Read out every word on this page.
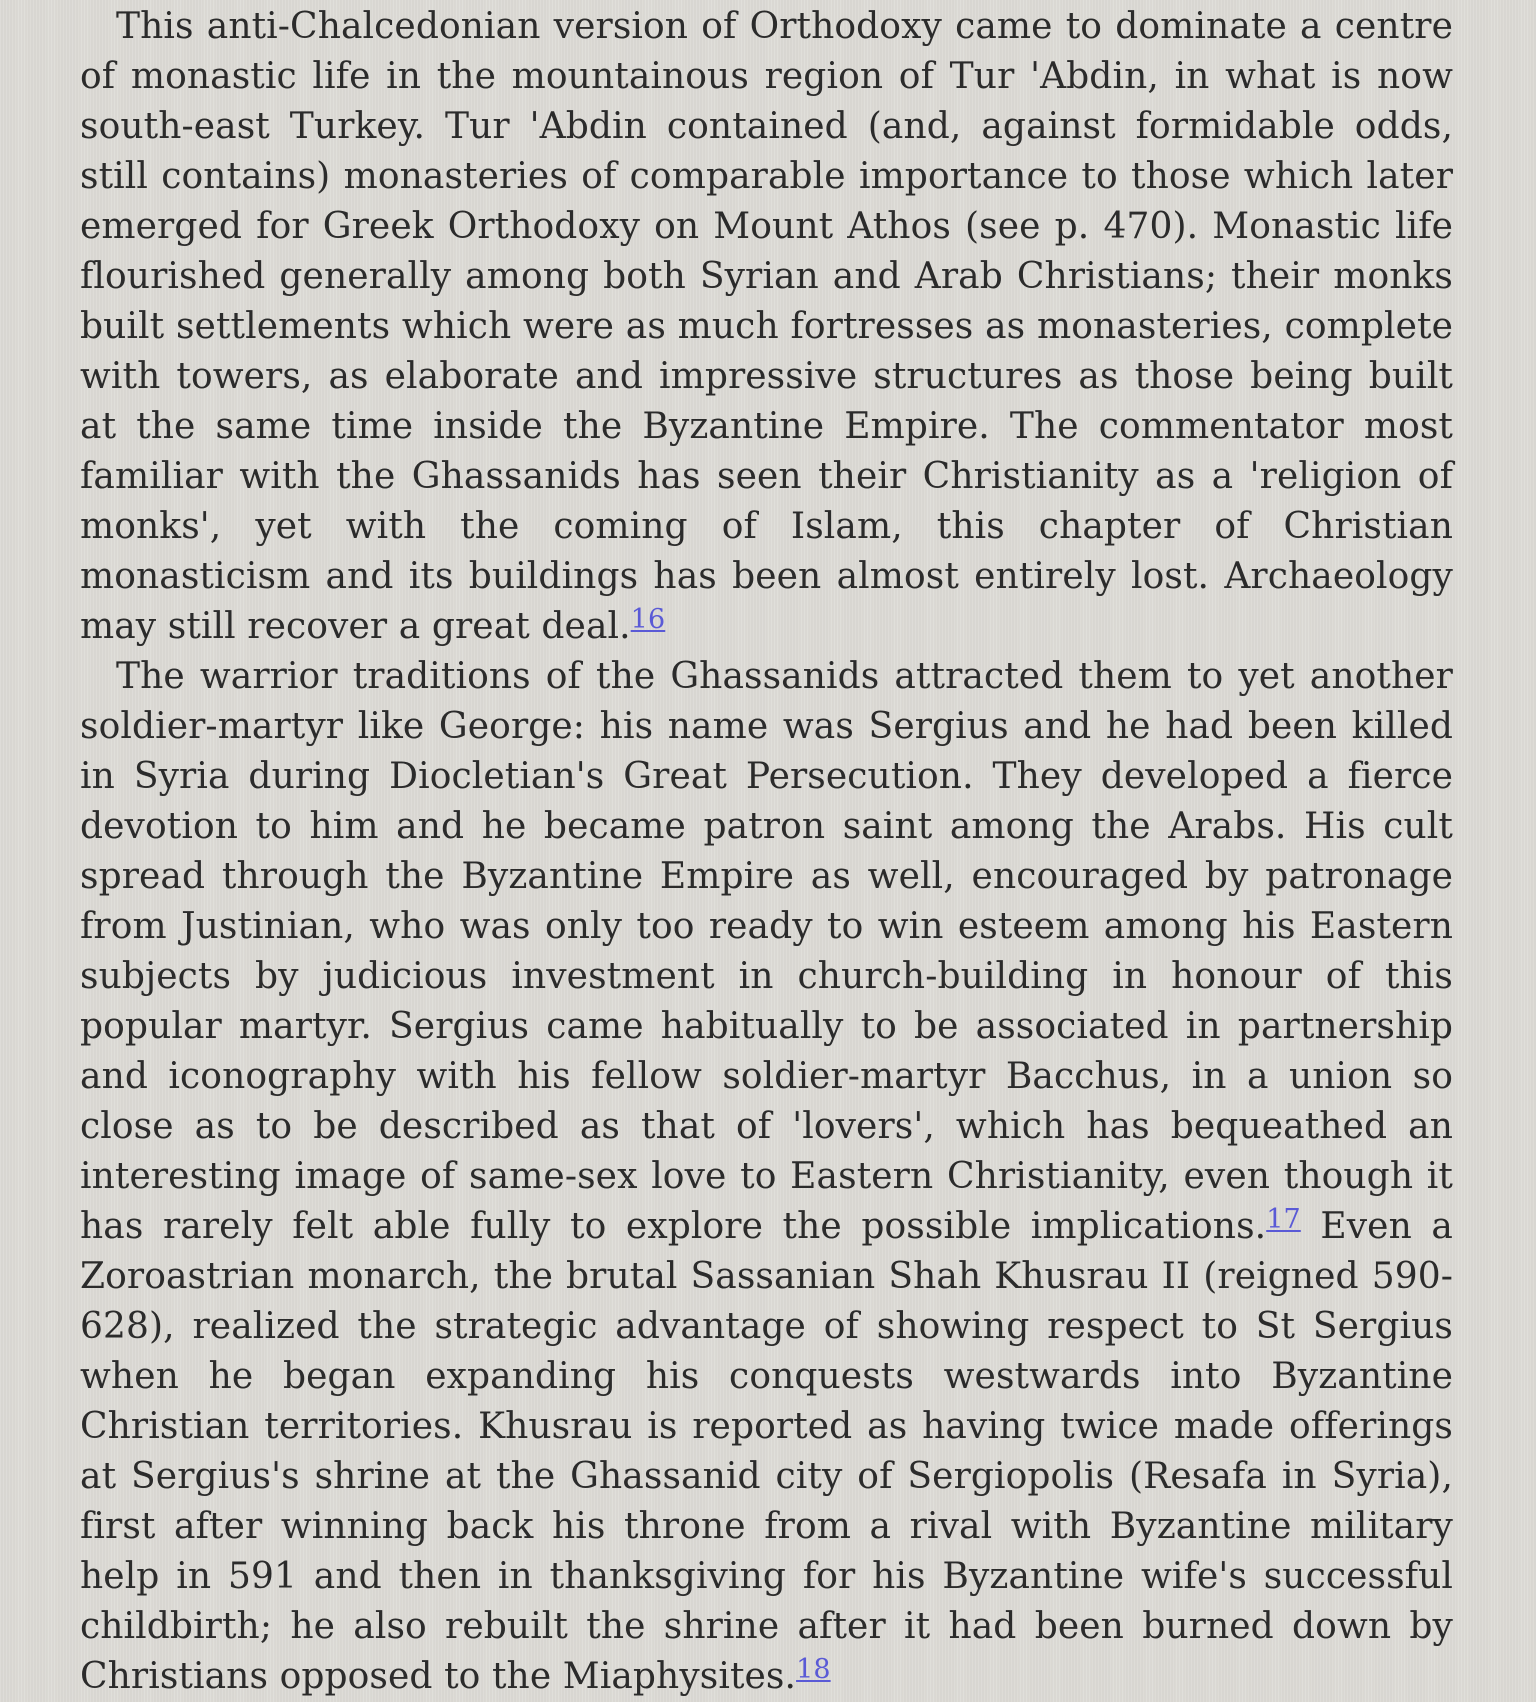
This anti-Chalcedonian version of Orthodoxy came to dominate a centre of monastic life in the mountainous region of Tur 'Abdin, in what is now south-east Turkey. Tur 'Abdin contained (and, against formidable odds, still contains) monasteries of comparable importance to those which later emerged for Greek Orthodoxy on Mount Athos (see p. 470). Monastic life flourished generally among both Syrian and Arab Christians; their monks built settlements which were as much fortresses as monasteries, complete with towers, as elaborate and impressive structures as those being built at the same time inside the Byzantine Empire. The commentator most familiar with the Ghassanids has seen their Christianity as a 'religion of monks', yet with the coming of Islam, this chapter of Christian monasticism and its buildings has been almost entirely lost. Archaeology may still recover a great deal.$^{16}$

The warrior traditions of the Ghassanids attracted them to yet another soldier-martyr like George: his name was Sergius and he had been killed in Syria during Diocletian's Great Persecution. They developed a fierce devotion to him and he became patron saint among the Arabs. His cult spread through the Byzantine Empire as well, encouraged by patronage from Justinian, who was only too ready to win esteem among his Eastern subjects by judicious investment in church-building in honour of this popular martyr. Sergius came habitually to be associated in partnership and iconography with his fellow soldier-martyr Bacchus, in a union so close as to be described as that of 'lovers', which has bequeathed an interesting image of same-sex love to Eastern Christianity, even though it has rarely felt able fully to explore the possible implications.$^{17}$ Even a Zoroastrian monarch, the brutal Sassanian Shah Khusrau II (reigned 590-628), realized the strategic advantage of showing respect to St Sergius when he began expanding his conquests westwards into Byzantine Christian territories. Khusrau is reported as having twice made offerings at Sergius's shrine at the Ghassanid city of Sergiopolis (Resafa in Syria), first after winning back his throne from a rival with Byzantine military help in 591 and then in thanksgiving for his Byzantine wife's successful childbirth; he also rebuilt the shrine after it had been burned down by Christians opposed to the Miaphysites.$^{18}$
